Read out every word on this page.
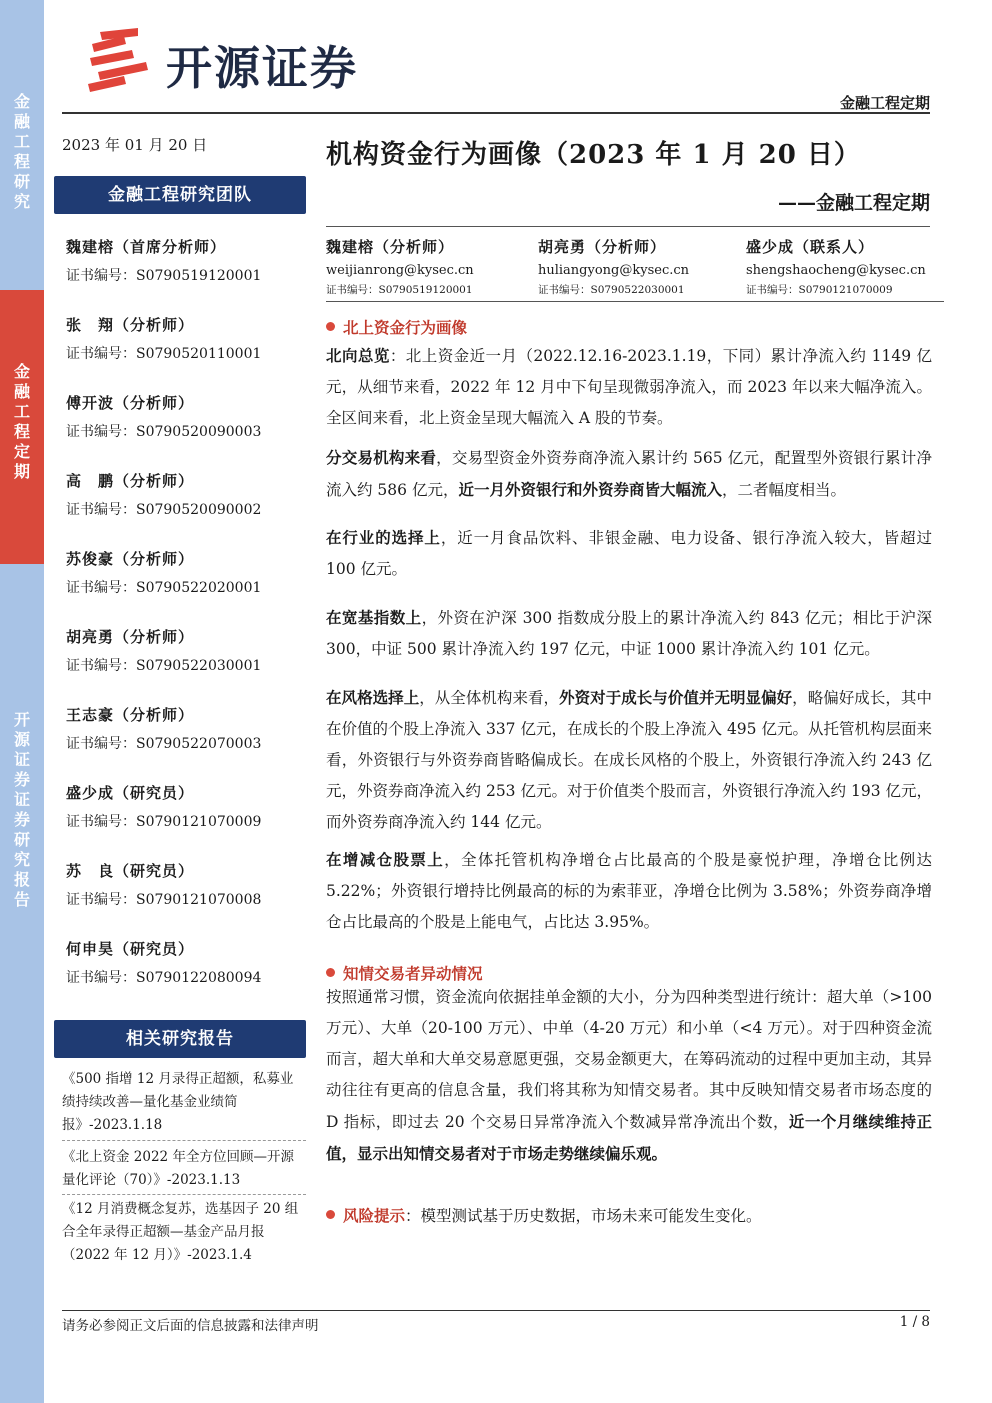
金融工程研究
金融工程定期
开源证券 证券研究报告
开源证券
金融工程定期
2023 年 01 月 20 日	机构资金行为画像（2023 年 1 月 20 日）
——金融工程定期
金融工程研究团队
魏建榕（首席分析师）
证书编号：S0790519120001
张　翔（分析师）
证书编号：S0790520110001
傅开波（分析师）
证书编号：S0790520090003
高　鹏（分析师）
证书编号：S0790520090002
苏俊豪（分析师）
证书编号：S0790522020001
胡亮勇（分析师）
证书编号：S0790522030001
王志豪（分析师）
证书编号：S0790522070003
盛少成（研究员）
证书编号：S0790121070009
苏　良（研究员）
证书编号：S0790121070008
何申昊（研究员）
证书编号：S0790122080094
相关研究报告
《500 指增 12 月录得正超额，私募业绩持续改善—量化基金业绩简报》-2023.1.18
《北上资金 2022 年全方位回顾—开源量化评论（70）》-2023.1.13
《12 月消费概念复苏，选基因子 20 组合全年录得正超额—基金产品月报（2022 年 12 月）》-2023.1.4
魏建榕（分析师）
weijianrong@kysec.cn
证书编号：S0790519120001
胡亮勇（分析师）
huliangyong@kysec.cn
证书编号：S0790522030001
盛少成（联系人）
shengshaocheng@kysec.cn
证书编号：S0790121070009
北上资金行为画像
北向总览：北上资金近一月（2022.12.16-2023.1.19，下同）累计净流入约 1149 亿元，从细节来看，2022 年 12 月中下旬呈现微弱净流入，而 2023 年以来大幅净流入。全区间来看，北上资金呈现大幅流入 A 股的节奏。
分交易机构来看，交易型资金外资券商净流入累计约 565 亿元，配置型外资银行累计净流入约 586 亿元，近一月外资银行和外资券商皆大幅流入，二者幅度相当。
在行业的选择上，近一月食品饮料、非银金融、电力设备、银行净流入较大，皆超过 100 亿元。
在宽基指数上，外资在沪深 300 指数成分股上的累计净流入约 843 亿元；相比于沪深 300，中证 500 累计净流入约 197 亿元，中证 1000 累计净流入约 101 亿元。
在风格选择上，从全体机构来看，外资对于成长与价值并无明显偏好，略偏好成长，其中在价值的个股上净流入 337 亿元，在成长的个股上净流入 495 亿元。从托管机构层面来看，外资银行与外资券商皆略偏成长。在成长风格的个股上，外资银行净流入约 243 亿元，外资券商净流入约 253 亿元。对于价值类个股而言，外资银行净流入约 193 亿元，而外资券商净流入约 144 亿元。
在增减仓股票上，全体托管机构净增仓占比最高的个股是豪悦护理，净增仓比例达 5.22%；外资银行增持比例最高的标的为索菲亚，净增仓比例为 3.58%；外资券商净增仓占比最高的个股是上能电气，占比达 3.95%。
知情交易者异动情况
按照通常习惯，资金流向依据挂单金额的大小，分为四种类型进行统计：超大单（>100 万元）、大单（20-100 万元）、中单（4-20 万元）和小单（<4 万元）。对于四种资金流而言，超大单和大单交易意愿更强，交易金额更大，在筹码流动的过程中更加主动，其异动往往有更高的信息含量，我们将其称为知情交易者。其中反映知情交易者市场态度的 D 指标，即过去 20 个交易日异常净流入个数减异常净流出个数，近一个月继续维持正值，显示出知情交易者对于市场走势继续偏乐观。
风险提示：模型测试基于历史数据，市场未来可能发生变化。
请务必参阅正文后面的信息披露和法律声明	1 / 8
